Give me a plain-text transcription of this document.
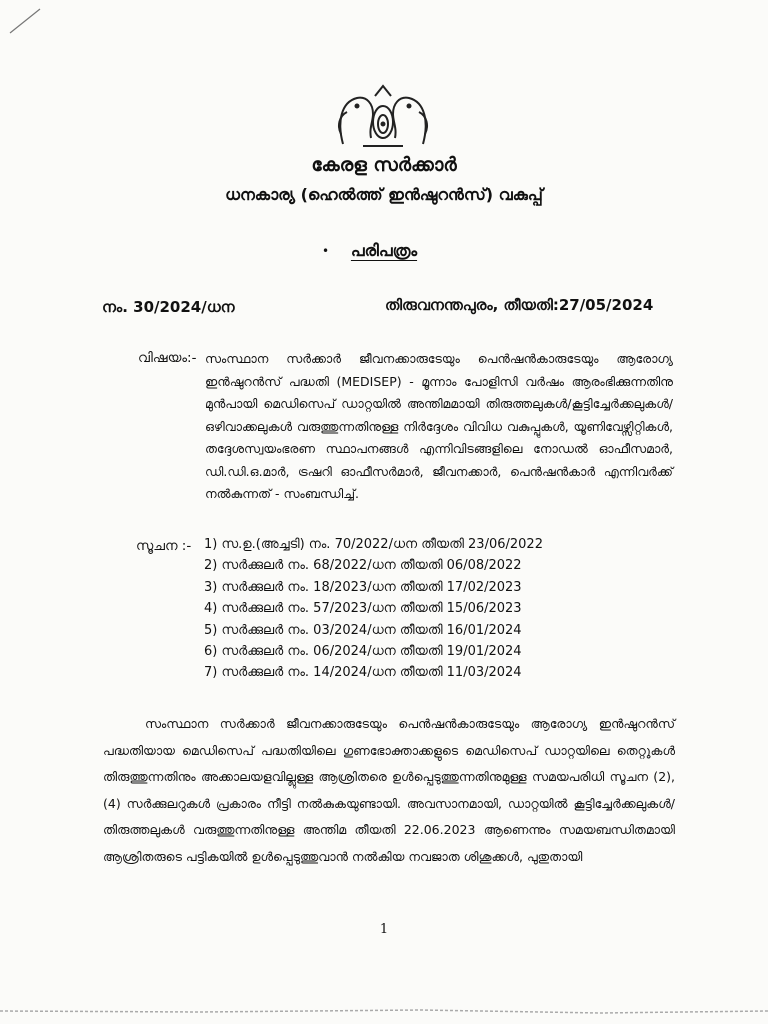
കേരള സർക്കാർ
ധനകാര്യ (ഹെൽത്ത് ഇൻഷുറൻസ്) വകുപ്പ്
•	പരിപത്രം
നം. 30/2024/ധന	തിരുവനന്തപുരം, തീയതി:27/05/2024
വിഷയം:- സംസ്ഥാന സർക്കാർ ജീവനക്കാരുടേയും പെൻഷൻകാരുടേയും ആരോഗ്യ ഇൻഷുറൻസ് പദ്ധതി (MEDISEP) - മൂന്നാം പോളിസി വർഷം ആരംഭിക്കുന്നതിനു മുൻപായി മെഡിസെപ് ഡാറ്റയിൽ അന്തിമമായി തിരുത്തലുകൾ/കൂട്ടിച്ചേർക്കലുകൾ/ഒഴിവാക്കലുകൾ വരുത്തുന്നതിനുള്ള നിർദ്ദേശം വിവിധ വകുപ്പുകൾ, യൂണിവേഴ്സിറ്റികൾ, തദ്ദേശസ്വയംഭരണ സ്ഥാപനങ്ങൾ എന്നിവിടങ്ങളിലെ നോഡൽ ഓഫീസമാർ, ഡി.ഡി.ഒ.മാർ, ട്രഷറി ഓഫീസർമാർ, ജീവനക്കാർ, പെൻഷൻകാർ എന്നിവർക്ക് നൽകുന്നത് - സംബന്ധിച്ച്.
സൂചന :- 1) സ.ഉ.(അച്ചടി) നം. 70/2022/ധന തീയതി 23/06/2022
2) സർക്കുലർ നം. 68/2022/ധന തീയതി 06/08/2022
3) സർക്കുലർ നം. 18/2023/ധന തീയതി 17/02/2023
4) സർക്കുലർ നം. 57/2023/ധന തീയതി 15/06/2023
5) സർക്കുലർ നം. 03/2024/ധന തീയതി 16/01/2024
6) സർക്കുലർ നം. 06/2024/ധന തീയതി 19/01/2024
7) സർക്കുലർ നം. 14/2024/ധന തീയതി 11/03/2024
സംസ്ഥാന സർക്കാർ ജീവനക്കാരുടേയും പെൻഷൻകാരുടേയും ആരോഗ്യ ഇൻഷുറൻസ് പദ്ധതിയായ മെഡിസെപ് പദ്ധതിയിലെ ഗുണഭോക്താക്കളുടെ മെഡിസെപ് ഡാറ്റയിലെ തെറ്റുകൾ തിരുത്തുന്നതിനും അക്കാലയളവില്ലുള്ള ആശ്രിതരെ ഉൾപ്പെടുത്തുന്നതിനുമുള്ള സമയപരിധി സൂചന (2),(4) സർക്കുലറുകൾ പ്രകാരം നീട്ടി നൽകുകയുണ്ടായി. അവസാനമായി, ഡാറ്റയിൽ കൂട്ടിച്ചേർക്കലുകൾ/തിരുത്തലുകൾ വരുത്തുന്നതിനുള്ള അന്തിമ തീയതി 22.06.2023 ആണെന്നും സമയബന്ധിതമായി ആശ്രിതരുടെ പട്ടികയിൽ ഉൾപ്പെടുത്തുവാൻ നൽകിയ നവജാത ശിശുക്കൾ, പുതുതായി
1
